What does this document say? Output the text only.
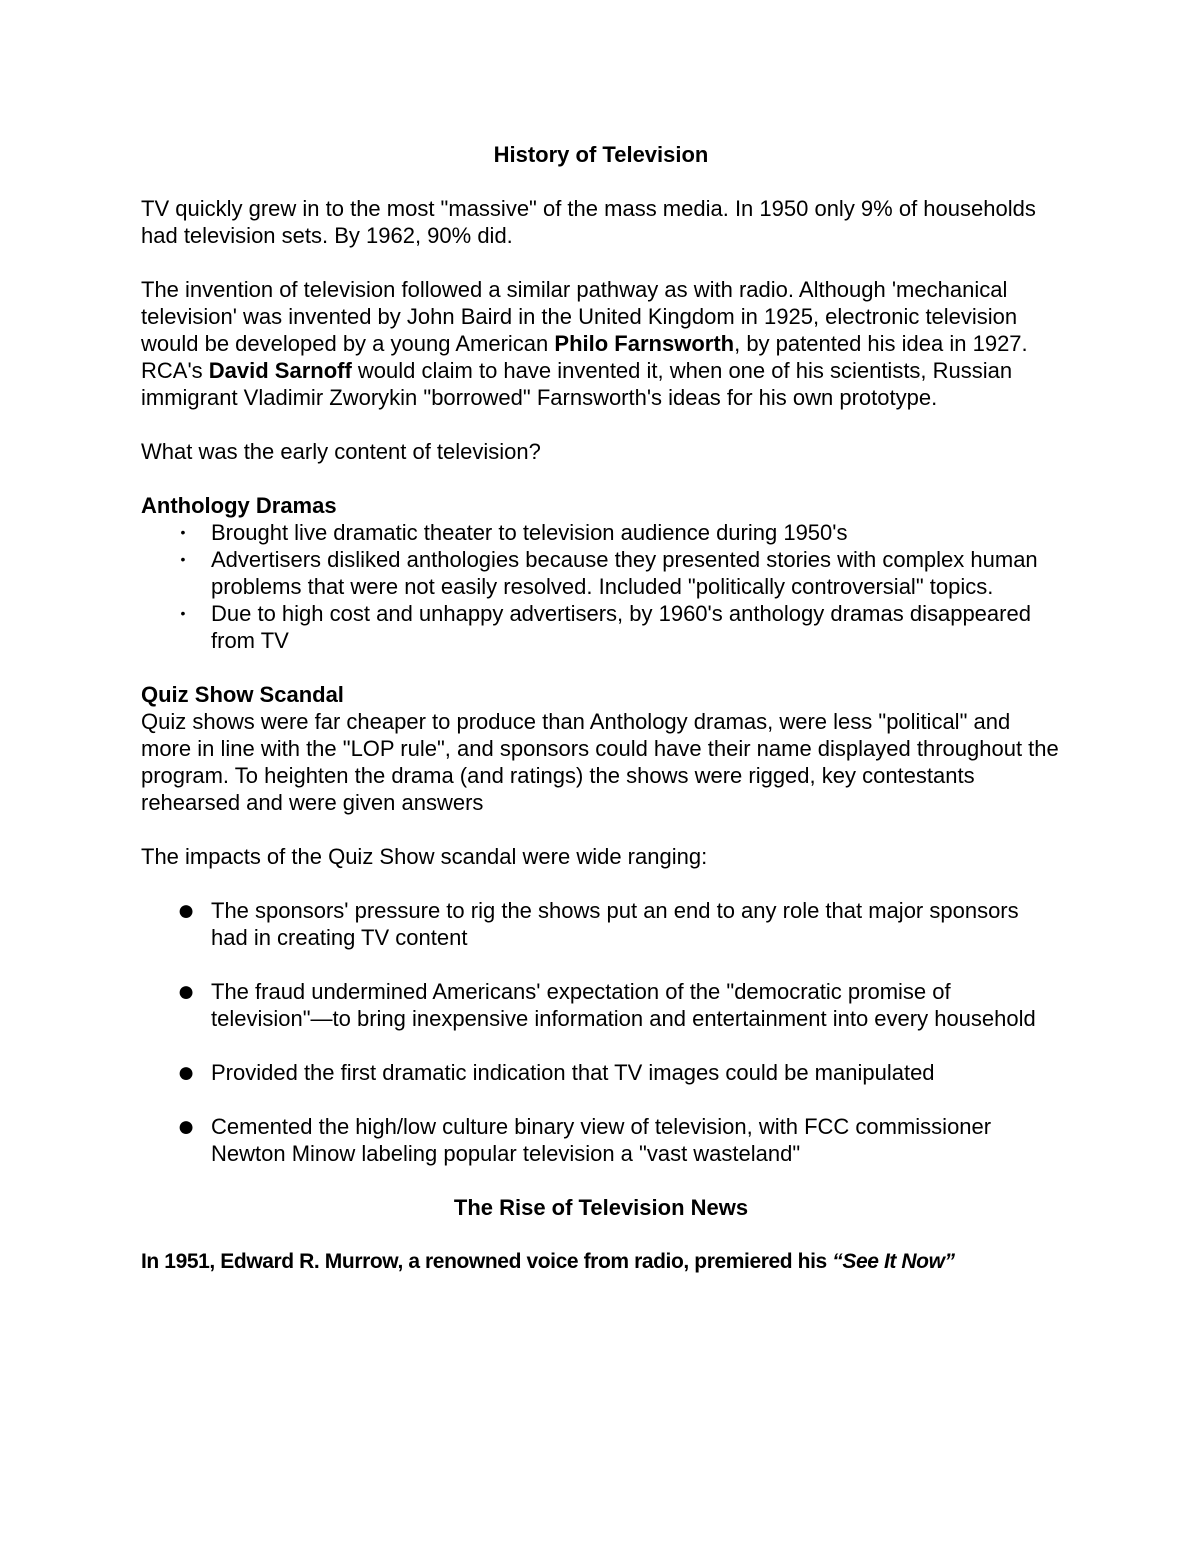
History of Television

TV quickly grew in to the most "massive" of the mass media. In 1950 only 9% of households had television sets. By 1962, 90% did.

The invention of television followed a similar pathway as with radio. Although 'mechanical television' was invented by John Baird in the United Kingdom in 1925, electronic television would be developed by a young American Philo Farnsworth, by patented his idea in 1927. RCA's David Sarnoff would claim to have invented it, when one of his scientists, Russian immigrant Vladimir Zworykin "borrowed" Farnsworth's ideas for his own prototype.

What was the early content of television?

Anthology Dramas

• Brought live dramatic theater to television audience during 1950's
• Advertisers disliked anthologies because they presented stories with complex human problems that were not easily resolved. Included "politically controversial" topics.
• Due to high cost and unhappy advertisers, by 1960's anthology dramas disappeared from TV

Quiz Show Scandal

Quiz shows were far cheaper to produce than Anthology dramas, were less "political" and more in line with the "LOP rule", and sponsors could have their name displayed throughout the program. To heighten the drama (and ratings) the shows were rigged, key contestants rehearsed and were given answers

The impacts of the Quiz Show scandal were wide ranging:

● The sponsors' pressure to rig the shows put an end to any role that major sponsors had in creating TV content
● The fraud undermined Americans' expectation of the "democratic promise of television"—to bring inexpensive information and entertainment into every household
● Provided the first dramatic indication that TV images could be manipulated
● Cemented the high/low culture binary view of television, with FCC commissioner Newton Minow labeling popular television a "vast wasteland"

The Rise of Television News

In 1951, Edward R. Murrow, a renowned voice from radio, premiered his “See It Now”
